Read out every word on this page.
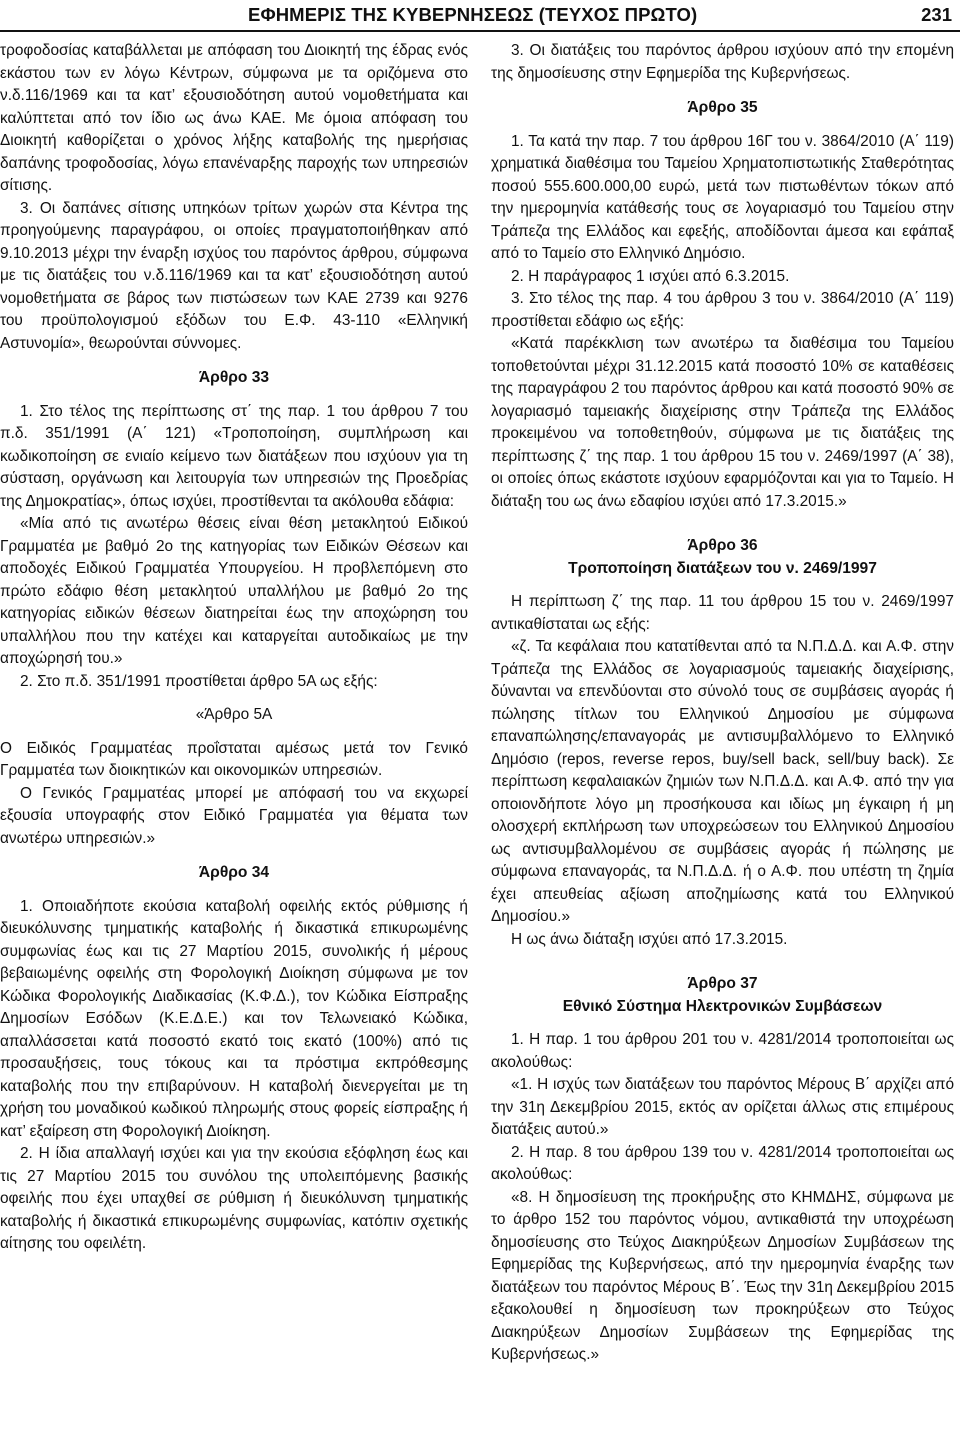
ΕΦΗΜΕΡΙΣ ΤΗΣ ΚΥΒΕΡΝΗΣΕΩΣ (ΤΕΥΧΟΣ ΠΡΩΤΟ)	231

τροφοδοσίας καταβάλλεται με απόφαση του Διοικητή της έδρας ενός εκάστου των εν λόγω Κέντρων, σύμφωνα με τα οριζόμενα στο ν.δ.116/1969 και τα κατ’ εξουσιοδότηση αυτού νομοθετήματα και καλύπτεται από τον ίδιο ως άνω ΚΑΕ. Με όμοια απόφαση του Διοικητή καθορίζεται ο χρόνος λήξης καταβολής της ημερήσιας δαπάνης τροφοδοσίας, λόγω επανέναρξης παροχής των υπηρεσιών σίτισης.

3. Οι δαπάνες σίτισης υπηκόων τρίτων χωρών στα Κέντρα της προηγούμενης παραγράφου, οι οποίες πραγματοποιήθηκαν από 9.10.2013 μέχρι την έναρξη ισχύος του παρόντος άρθρου, σύμφωνα με τις διατάξεις του ν.δ.116/1969 και τα κατ’ εξουσιοδότηση αυτού νομοθετήματα σε βάρος των πιστώσεων των ΚΑΕ 2739 και 9276 του προϋπολογισμού εξόδων του Ε.Φ. 43-110 «Ελληνική Αστυνομία», θεωρούνται σύννομες.

Άρθρο 33

1. Στο τέλος της περίπτωσης στ΄ της παρ. 1 του άρθρου 7 του π.δ. 351/1991 (Α΄ 121) «Τροποποίηση, συμπλήρωση και κωδικοποίηση σε ενιαίο κείμενο των διατάξεων που ισχύουν για τη σύσταση, οργάνωση και λειτουργία των υπηρεσιών της Προεδρίας της Δημοκρατίας», όπως ισχύει, προστίθενται τα ακόλουθα εδάφια:

«Μία από τις ανωτέρω θέσεις είναι θέση μετακλητού Ειδικού Γραμματέα με βαθμό 2ο της κατηγορίας των Ειδικών Θέσεων και αποδοχές Ειδικού Γραμματέα Υπουργείου. Η προβλεπόμενη στο πρώτο εδάφιο θέση μετακλητού υπαλλήλου με βαθμό 2ο της κατηγορίας ειδικών θέσεων διατηρείται έως την αποχώρηση του υπαλλήλου που την κατέχει και καταργείται αυτοδικαίως με την αποχώρησή του.»

2. Στο π.δ. 351/1991 προστίθεται άρθρο 5Α ως εξής:

«Άρθρο 5Α

Ο Ειδικός Γραμματέας προΐσταται αμέσως μετά τον Γενικό Γραμματέα των διοικητικών και οικονομικών υπηρεσιών.

Ο Γενικός Γραμματέας μπορεί με απόφασή του να εκχωρεί εξουσία υπογραφής στον Ειδικό Γραμματέα για θέματα των ανωτέρω υπηρεσιών.»

Άρθρο 34

1. Οποιαδήποτε εκούσια καταβολή οφειλής εκτός ρύθμισης ή διευκόλυνσης τμηματικής καταβολής ή δικαστικά επικυρωμένης συμφωνίας έως και τις 27 Μαρτίου 2015, συνολικής ή μέρους βεβαιωμένης οφειλής στη Φορολογική Διοίκηση σύμφωνα με τον Κώδικα Φορολογικής Διαδικασίας (Κ.Φ.Δ.), τον Κώδικα Είσπραξης Δημοσίων Εσόδων (Κ.Ε.Δ.Ε.) και τον Τελωνειακό Κώδικα, απαλλάσσεται κατά ποσοστό εκατό τοις εκατό (100%) από τις προσαυξήσεις, τους τόκους και τα πρόστιμα εκπρόθεσμης καταβολής που την επιβαρύνουν. Η καταβολή διενεργείται με τη χρήση του μοναδικού κωδικού πληρωμής στους φορείς είσπραξης ή κατ’ εξαίρεση στη Φορολογική Διοίκηση.

2. Η ίδια απαλλαγή ισχύει και για την εκούσια εξόφληση έως και τις 27 Μαρτίου 2015 του συνόλου της υπολειπόμενης βασικής οφειλής που έχει υπαχθεί σε ρύθμιση ή διευκόλυνση τμηματικής καταβολής ή δικαστικά επικυρωμένης συμφωνίας, κατόπιν σχετικής αίτησης του οφειλέτη.

3. Οι διατάξεις του παρόντος άρθρου ισχύουν από την επομένη της δημοσίευσης στην Εφημερίδα της Κυβερνήσεως.

Άρθρο 35

1. Τα κατά την παρ. 7 του άρθρου 16Γ του ν. 3864/2010 (Α΄ 119) χρηματικά διαθέσιμα του Ταμείου Χρηματοπιστωτικής Σταθερότητας ποσού 555.600.000,00 ευρώ, μετά των πιστωθέντων τόκων από την ημερομηνία κατάθεσής τους σε λογαριασμό του Ταμείου στην Τράπεζα της Ελλάδος και εφεξής, αποδίδονται άμεσα και εφάπαξ από το Ταμείο στο Ελληνικό Δημόσιο.

2. Η παράγραφος 1 ισχύει από 6.3.2015.

3. Στο τέλος της παρ. 4 του άρθρου 3 του ν. 3864/2010 (Α΄ 119) προστίθεται εδάφιο ως εξής:

«Κατά παρέκκλιση των ανωτέρω τα διαθέσιμα του Ταμείου τοποθετούνται μέχρι 31.12.2015 κατά ποσοστό 10% σε καταθέσεις της παραγράφου 2 του παρόντος άρθρου και κατά ποσοστό 90% σε λογαριασμό ταμειακής διαχείρισης στην Τράπεζα της Ελλάδος προκειμένου να τοποθετηθούν, σύμφωνα με τις διατάξεις της περίπτωσης ζ΄ της παρ. 1 του άρθρου 15 του ν. 2469/1997 (Α΄ 38), οι οποίες όπως εκάστοτε ισχύουν εφαρμόζονται και για το Ταμείο. Η διάταξη του ως άνω εδαφίου ισχύει από 17.3.2015.»

Άρθρο 36
Τροποποίηση διατάξεων του ν. 2469/1997

Η περίπτωση ζ΄ της παρ. 11 του άρθρου 15 του ν. 2469/1997 αντικαθίσταται ως εξής:

«ζ. Τα κεφάλαια που κατατίθενται από τα Ν.Π.Δ.Δ. και Α.Φ. στην Τράπεζα της Ελλάδος σε λογαριασμούς ταμειακής διαχείρισης, δύνανται να επενδύονται στο σύνολό τους σε συμβάσεις αγοράς ή πώλησης τίτλων του Ελληνικού Δημοσίου με σύμφωνα επαναπώλησης/επαναγοράς με αντισυμβαλλόμενο το Ελληνικό Δημόσιο (repos, reverse repos, buy/sell back, sell/buy back). Σε περίπτωση κεφαλαιακών ζημιών των Ν.Π.Δ.Δ. και Α.Φ. από την για οποιονδήποτε λόγο μη προσήκουσα και ιδίως μη έγκαιρη ή μη ολοσχερή εκπλήρωση των υποχρεώσεων του Ελληνικού Δημοσίου ως αντισυμβαλλομένου σε συμβάσεις αγοράς ή πώλησης με σύμφωνα επαναγοράς, τα Ν.Π.Δ.Δ. ή ο Α.Φ. που υπέστη τη ζημία έχει απευθείας αξίωση αποζημίωσης κατά του Ελληνικού Δημοσίου.»

Η ως άνω διάταξη ισχύει από 17.3.2015.

Άρθρο 37
Εθνικό Σύστημα Ηλεκτρονικών Συμβάσεων

1. Η παρ. 1 του άρθρου 201 του ν. 4281/2014 τροποποιείται ως ακολούθως:

«1. Η ισχύς των διατάξεων του παρόντος Μέρους Β΄ αρχίζει από την 31η Δεκεμβρίου 2015, εκτός αν ορίζεται άλλως στις επιμέρους διατάξεις αυτού.»

2. Η παρ. 8 του άρθρου 139 του ν. 4281/2014 τροποποιείται ως ακολούθως:

«8. Η δημοσίευση της προκήρυξης στο ΚΗΜΔΗΣ, σύμφωνα με το άρθρο 152 του παρόντος νόμου, αντικαθιστά την υποχρέωση δημοσίευσης στο Τεύχος Διακηρύξεων Δημοσίων Συμβάσεων της Εφημερίδας της Κυβερνήσεως, από την ημερομηνία έναρξης των διατάξεων του παρόντος Μέρους Β΄. Έως την 31η Δεκεμβρίου 2015 εξακολουθεί η δημοσίευση των προκηρύξεων στο Τεύχος Διακηρύξεων Δημοσίων Συμβάσεων της Εφημερίδας της Κυβερνήσεως.»
